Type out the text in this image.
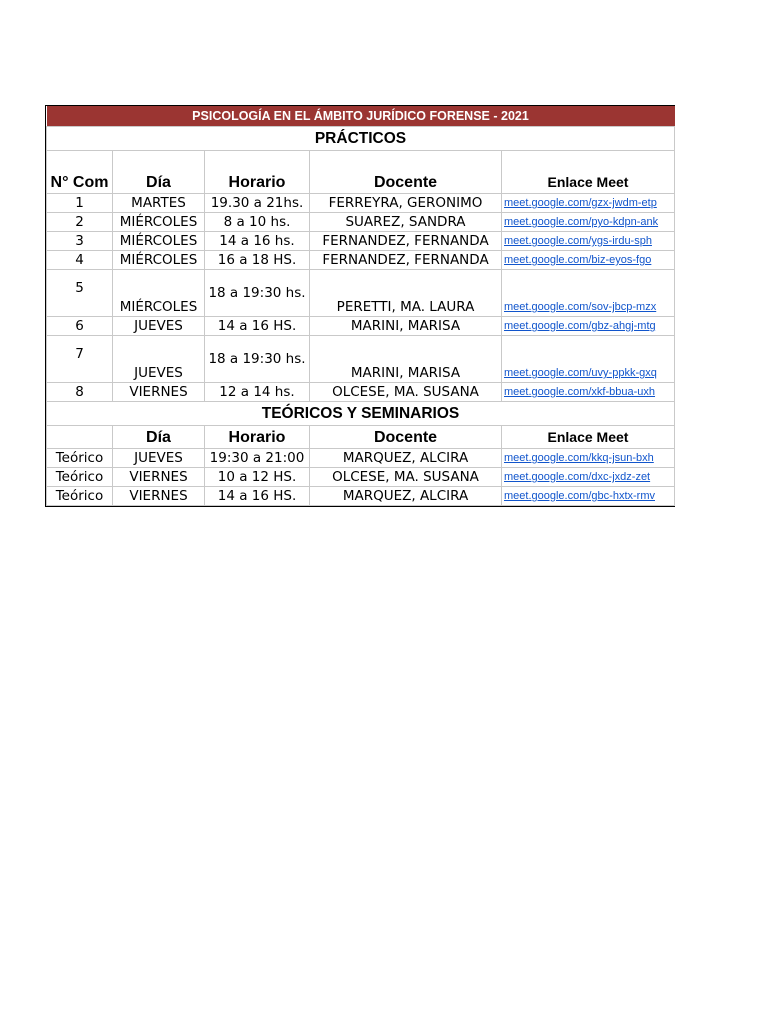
PSICOLOGÍA EN EL ÁMBITO JURÍDICO FORENSE - 2021				
PRÁCTICOS				
N° Com	Día	Horario	Docente	Enlace Meet
1	MARTES	19.30 a 21hs.	FERREYRA, GERONIMO	meet.google.com/gzx-jwdm-etp
2	MIÉRCOLES	8 a 10 hs.	SUAREZ, SANDRA	meet.google.com/pyo-kdpn-ank
3	MIÉRCOLES	14 a 16 hs.	FERNANDEZ, FERNANDA	meet.google.com/ygs-irdu-sph
4	MIÉRCOLES	16 a 18 HS.	FERNANDEZ, FERNANDA	meet.google.com/biz-eyos-fgo
5	MIÉRCOLES	18 a 19:30 hs.	PERETTI, MA. LAURA	meet.google.com/sov-jbcp-mzx
6	JUEVES	14 a 16 HS.	MARINI, MARISA	meet.google.com/gbz-ahgj-mtg
7	JUEVES	18 a 19:30 hs.	MARINI, MARISA	meet.google.com/uvy-ppkk-gxq
8	VIERNES	12 a 14 hs.	OLCESE, MA. SUSANA	meet.google.com/xkf-bbua-uxh
TEÓRICOS Y SEMINARIOS				
	Día	Horario	Docente	Enlace Meet
Teórico	JUEVES	19:30 a 21:00	MARQUEZ, ALCIRA	meet.google.com/kkq-jsun-bxh
Teórico	VIERNES	10 a 12 HS.	OLCESE, MA. SUSANA	meet.google.com/dxc-jxdz-zet
Teórico	VIERNES	14 a 16 HS.	MARQUEZ, ALCIRA	meet.google.com/gbc-hxtx-rmv
